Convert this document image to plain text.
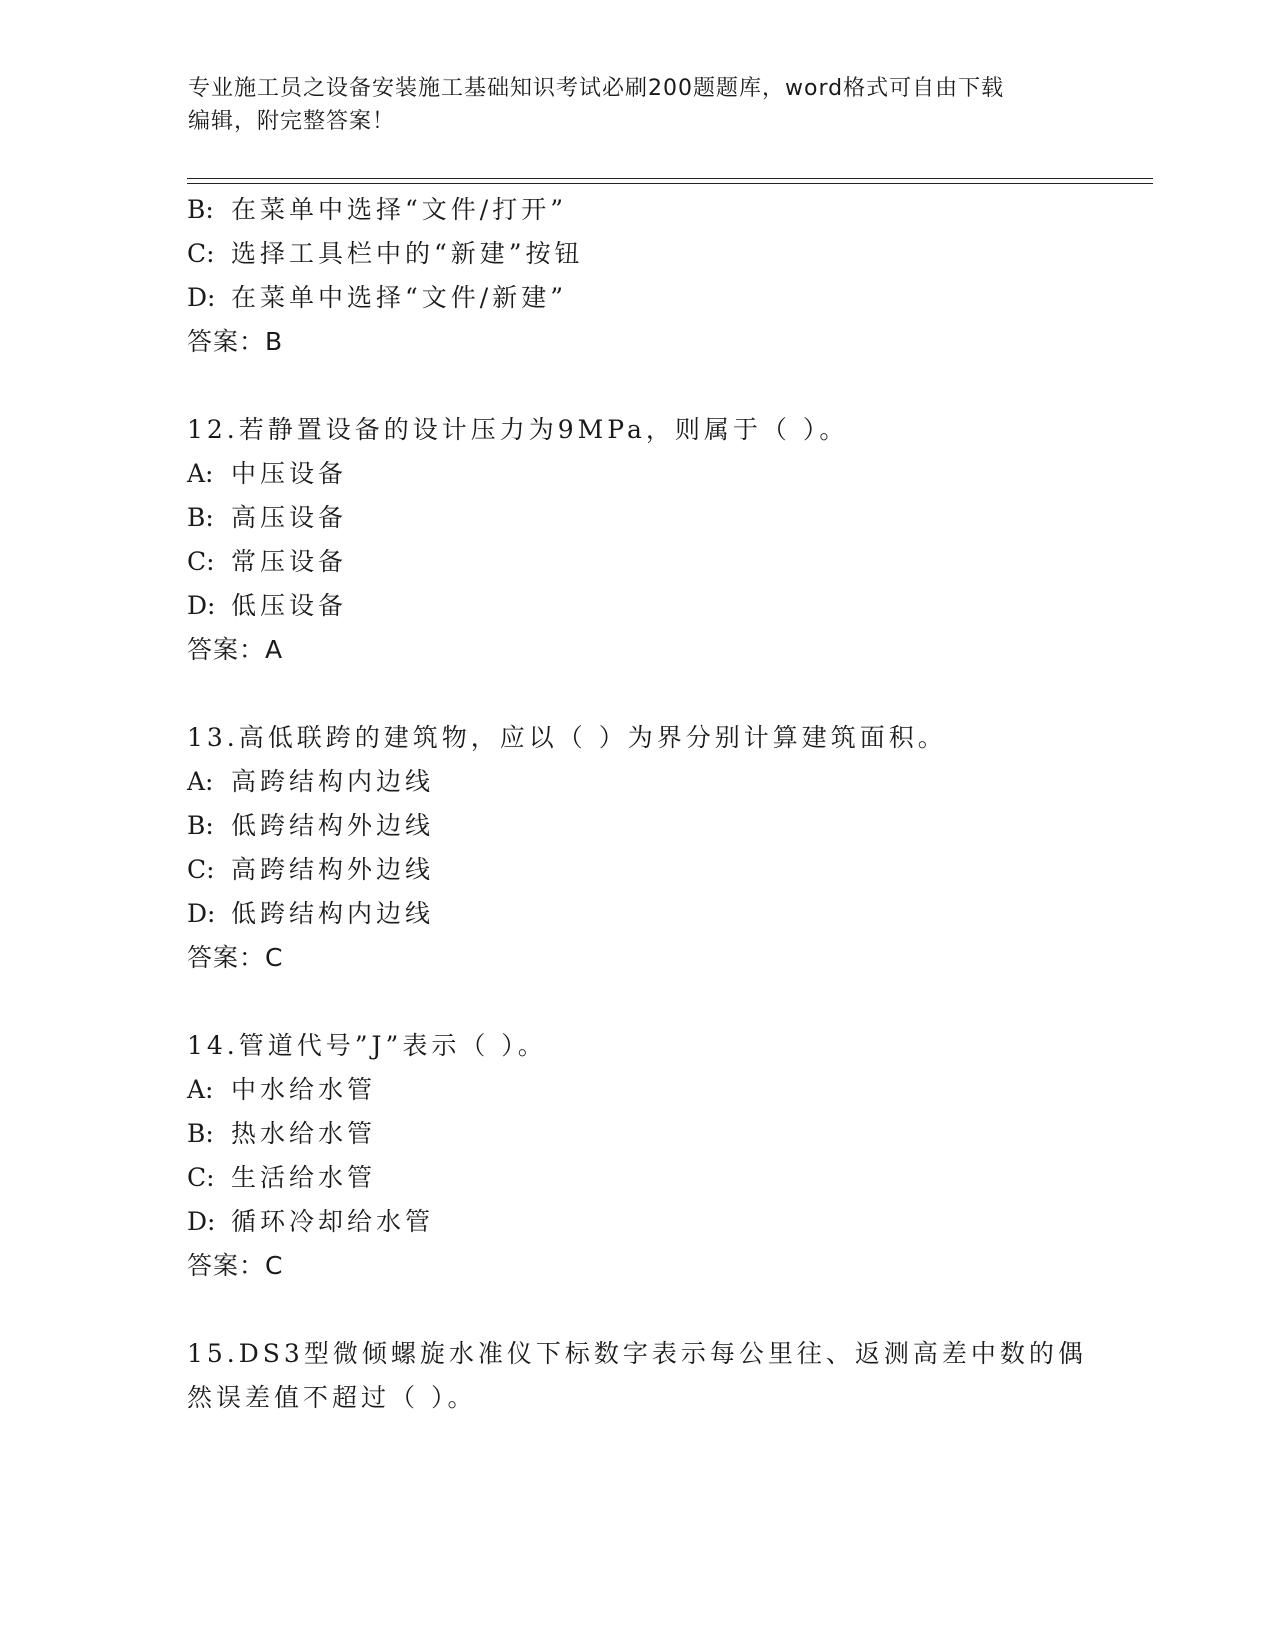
专业施工员之设备安装施工基础知识考试必刷200题题库，word格式可自由下载
编辑，附完整答案！
B: 在菜单中选择“文件/打开”
C: 选择工具栏中的“新建”按钮
D: 在菜单中选择“文件/新建”
答案：B
12.若静置设备的设计压力为9MPa，则属于（ ）。
A: 中压设备
B: 高压设备
C: 常压设备
D: 低压设备
答案：A
13.高低联跨的建筑物，应以（ ）为界分别计算建筑面积。
A: 高跨结构内边线
B: 低跨结构外边线
C: 高跨结构外边线
D: 低跨结构内边线
答案：C
14.管道代号”J”表示（ ）。
A: 中水给水管
B: 热水给水管
C: 生活给水管
D: 循环冷却给水管
答案：C
15.DS3型微倾螺旋水准仪下标数字表示每公里往、返测高差中数的偶
然误差值不超过（ ）。
